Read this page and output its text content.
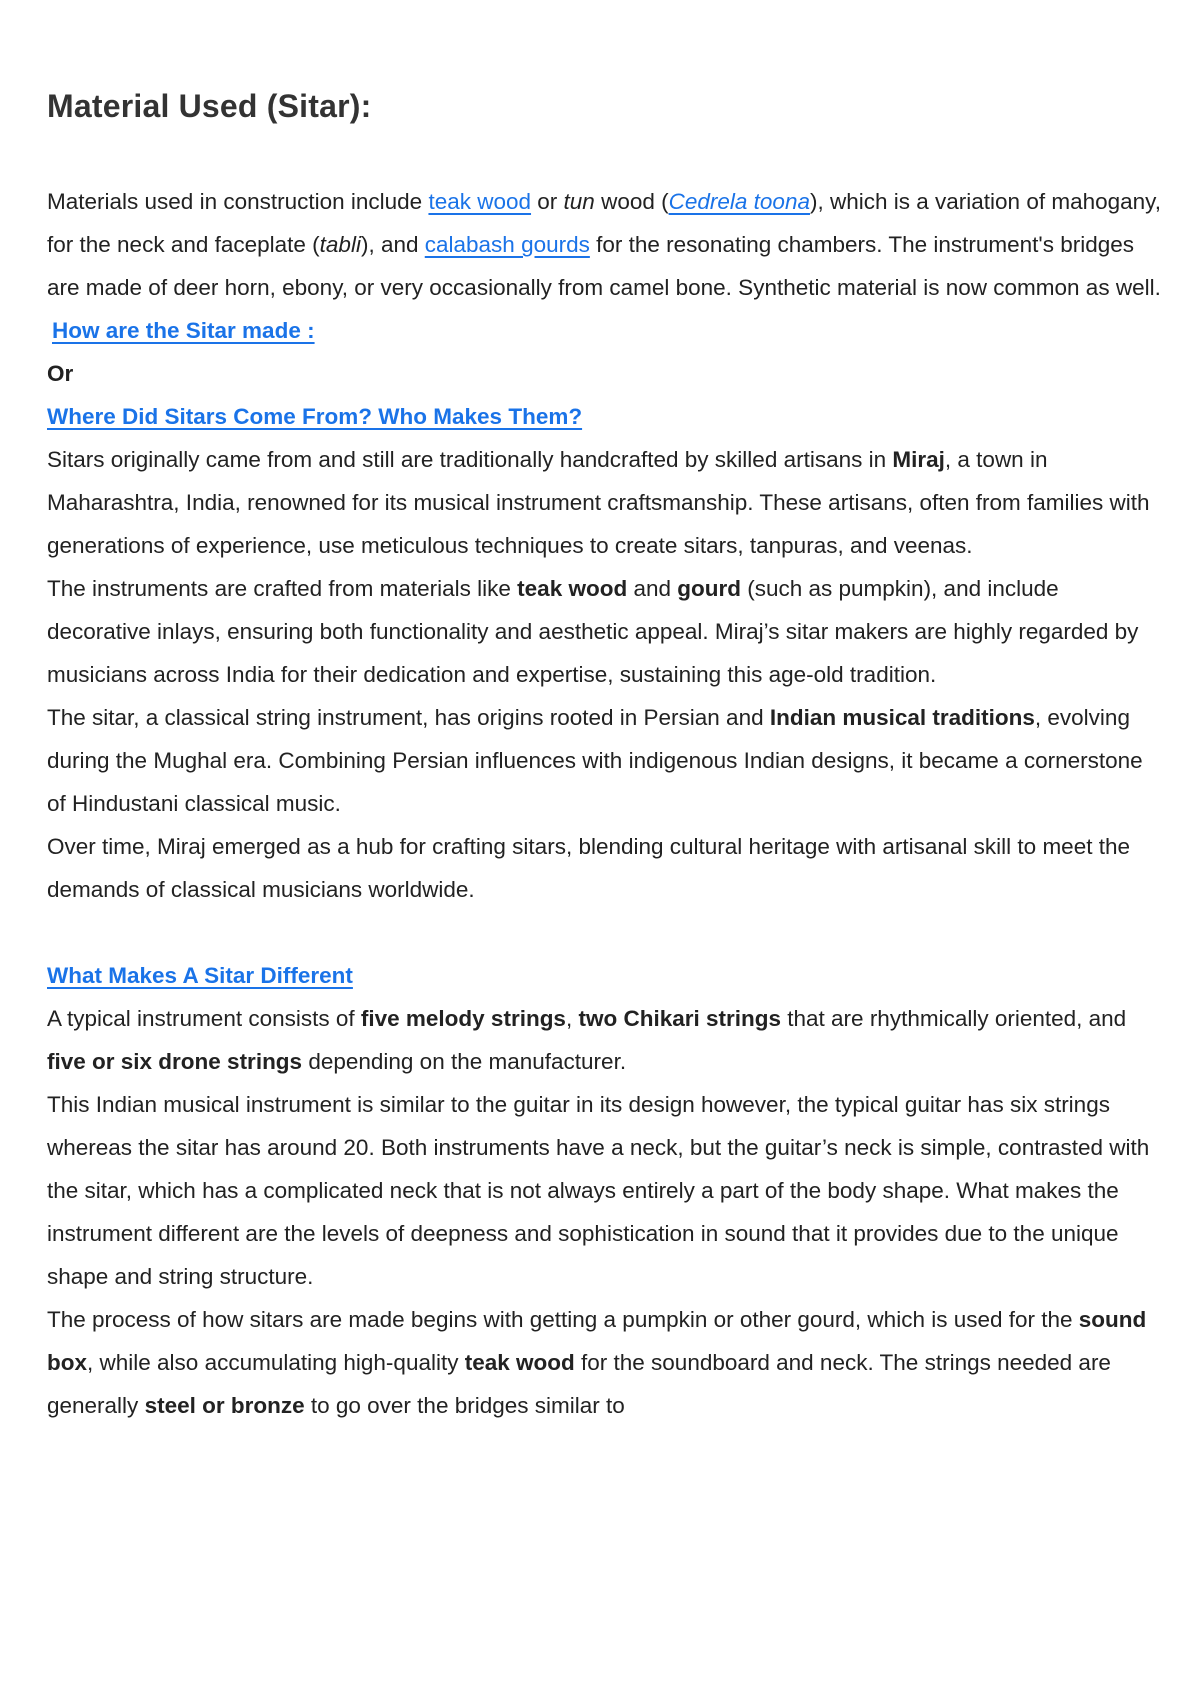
Material Used (Sitar):

Materials used in construction include teak wood or tun wood (Cedrela toona), which is a variation of mahogany, for the neck and faceplate (tabli), and calabash gourds for the resonating chambers. The instrument's bridges are made of deer horn, ebony, or very occasionally from camel bone. Synthetic material is now common as well.

How are the Sitar made :

Or

Where Did Sitars Come From? Who Makes Them?

Sitars originally came from and still are traditionally handcrafted by skilled artisans in Miraj, a town in Maharashtra, India, renowned for its musical instrument craftsmanship. These artisans, often from families with generations of experience, use meticulous techniques to create sitars, tanpuras, and veenas.

The instruments are crafted from materials like teak wood and gourd (such as pumpkin), and include decorative inlays, ensuring both functionality and aesthetic appeal. Miraj’s sitar makers are highly regarded by musicians across India for their dedication and expertise, sustaining this age-old tradition.

The sitar, a classical string instrument, has origins rooted in Persian and Indian musical traditions, evolving during the Mughal era. Combining Persian influences with indigenous Indian designs, it became a cornerstone of Hindustani classical music.

Over time, Miraj emerged as a hub for crafting sitars, blending cultural heritage with artisanal skill to meet the demands of classical musicians worldwide.

What Makes A Sitar Different

A typical instrument consists of five melody strings, two Chikari strings that are rhythmically oriented, and five or six drone strings depending on the manufacturer.

This Indian musical instrument is similar to the guitar in its design however, the typical guitar has six strings whereas the sitar has around 20. Both instruments have a neck, but the guitar’s neck is simple, contrasted with the sitar, which has a complicated neck that is not always entirely a part of the body shape. What makes the instrument different are the levels of deepness and sophistication in sound that it provides due to the unique shape and string structure.

The process of how sitars are made begins with getting a pumpkin or other gourd, which is used for the sound box, while also accumulating high-quality teak wood for the soundboard and neck. The strings needed are generally steel or bronze to go over the bridges similar to
